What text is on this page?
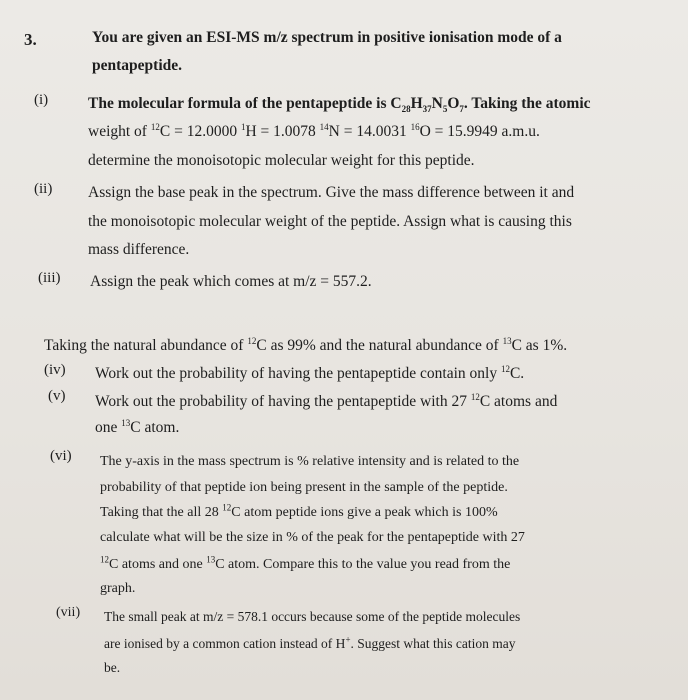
3.	You are given an ESI-MS m/z spectrum in positive ionisation mode of a
pentapeptide.
(i)	The molecular formula of the pentapeptide is $C_{28}H_{37}N_5O_7$. Taking the atomic
weight of $^{12}$C = 12.0000 $^1$H = 1.0078 $^{14}$N = 14.0031 $^{16}$O = 15.9949 a.m.u.
determine the monoisotopic molecular weight for this peptide.
(ii) Assign the base peak in the spectrum. Give the mass difference between it and
the monoisotopic molecular weight of the peptide. Assign what is causing this
mass difference.
(iii) Assign the peak which comes at m/z = 557.2.
Taking the natural abundance of $^{12}$C as 99% and the natural abundance of $^{13}$C as 1%.
(iv) Work out the probability of having the pentapeptide contain only $^{12}$C.
(v) Work out the probability of having the pentapeptide with 27 $^{12}$C atoms and
one $^{13}$C atom.
(vi) The y-axis in the mass spectrum is % relative intensity and is related to the
probability of that peptide ion being present in the sample of the peptide.
Taking that the all 28 $^{12}$C atom peptide ions give a peak which is 100%
calculate what will be the size in % of the peak for the pentapeptide with 27
$^{12}$C atoms and one $^{13}$C atom. Compare this to the value you read from the
graph.
(vii) The small peak at m/z = 578.1 occurs because some of the peptide molecules
are ionised by a common cation instead of H+. Suggest what this cation may
be.
